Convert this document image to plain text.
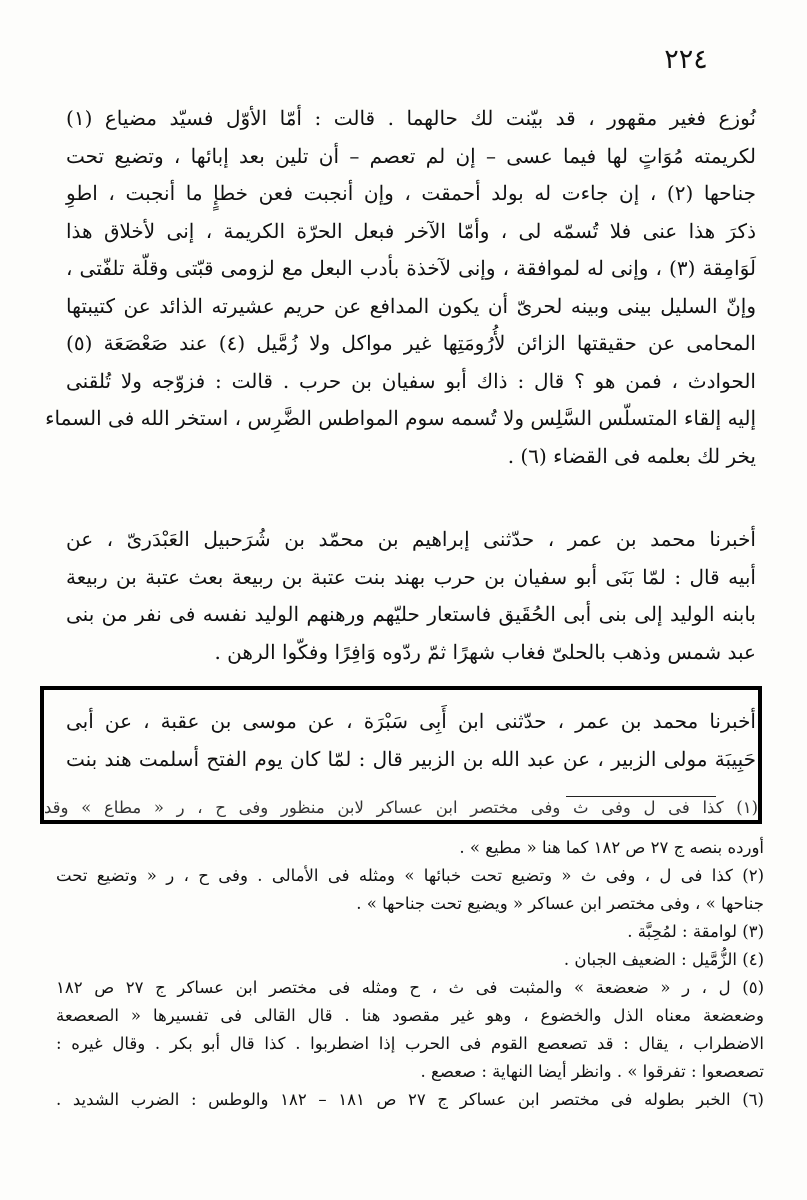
٢٢٤
نُوزع فغير مقهور ، قد بيّنت لك حالهما . قالت : أمّا الأوّل فسيّد مضياع (١)
لكريمته مُوَاتٍ لها فيما عسى – إن لم تعصم – أن تلين بعد إبائها ، وتضيع تحت
جناحها (٢) ، إن جاءت له بولد أحمقت ، وإن أنجبت فعن خطإٍ ما أنجبت ، اطوِ
ذكرَ هذا عنى فلا تُسمّه لى ، وأمّا الآخر فبعل الحرّة الكريمة ، إنى لأخلاق هذا
لَوَامِقة (٣) ، وإنى له لموافقة ، وإنى لآخذة بأدب البعل مع لزومى قبّتى وقلّة تلفّتى ،
وإنّ السليل بينى وبينه لحرىّ أن يكون المدافع عن حريم عشيرته الذائد عن كتيبتها
المحامى عن حقيقتها الزائن لأُرُومَتِها غير مواكل ولا زُمَّيل (٤) عند صَعْصَعَة (٥)
الحوادث ، فمن هو ؟ قال : ذاك أبو سفيان بن حرب . قالت : فزوّجه ولا تُلقنى
إليه إلقاء المتسلّس السَّلِس ولا تُسمه سوم المواطس الضَّرِس ، استخر الله فى السماء
يخر لك بعلمه فى القضاء (٦) .
أخبرنا محمد بن عمر ، حدّثنى إبراهيم بن محمّد بن شُرَحبيل العَبْدَرىّ ، عن
أبيه قال : لمّا بَنَى أبو سفيان بن حرب بهند بنت عتبة بن ربيعة بعث عتبة بن ربيعة
بابنه الوليد إلى بنى أبى الحُقَيق فاستعار حليّهم ورهنهم الوليد نفسه فى نفر من بنى
عبد شمس وذهب بالحلىّ فغاب شهرًا ثمّ ردّوه وَافِرًا وفكّوا الرهن .
أخبرنا محمد بن عمر ، حدّثنى ابن أَبِى سَبْرَة ، عن موسى بن عقبة ، عن أبى
حَبِيبَة مولى الزبير ، عن عبد الله بن الزبير قال : لمّا كان يوم الفتح أسلمت هند بنت
(١) كذا فى ل وفى ث وفى مختصر ابن عساكر لابن منظور وفى ح ، ر « مطاع » وقد
أورده بنصه ج ٢٧ ص ١٨٢ كما هنا « مطيع » .
(٢) كذا فى ل ، وفى ث « وتضيع تحت خبائها » ومثله فى الأمالى . وفى ح ، ر « وتضيع تحت
جناحها » ، وفى مختصر ابن عساكر « ويضيع تحت جناحها » .
(٣) لوامقة : لمُحِبَّة .
(٤) الزُّمَّيل : الضعيف الجبان .
(٥) ل ، ر « ضعضعة » والمثبت فى ث ، ح ومثله فى مختصر ابن عساكر ج ٢٧ ص ١٨٢
وضعضعة معناه الذل والخضوع ، وهو غير مقصود هنا . قال القالى فى تفسيرها « الصعصعة
الاضطراب ، يقال : قد تصعصع القوم فى الحرب إذا اضطربوا . كذا قال أبو بكر . وقال غيره :
تصعصعوا : تفرقوا » . وانظر أيضا النهاية : صعصع .
(٦) الخبر بطوله فى مختصر ابن عساكر ج ٢٧ ص ١٨١ – ١٨٢ والوطس : الضرب الشديد .
